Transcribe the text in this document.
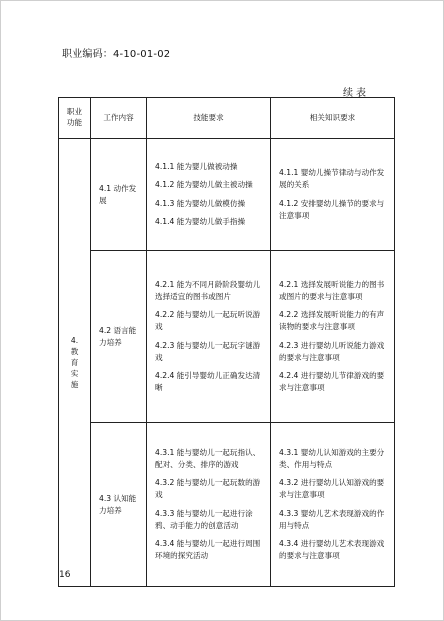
职业编码：4-10-01-02
续表
职业功能	工作内容	技能要求	相关知识要求
4.教育实施	4.1 动作发展	4.1.1 能为婴儿做被动操
4.1.2 能为婴幼儿做主被动操
4.1.3 能为婴幼儿做模仿操
4.1.4 能为婴幼儿做手指操	4.1.1 婴幼儿操节律动与动作发展的关系
4.1.2 安排婴幼儿操节的要求与注意事项

	4.2 语言能力培养	4.2.1 能为不同月龄阶段婴幼儿选择适宜的图书或图片
4.2.2 能与婴幼儿一起玩听说游戏
4.2.3 能与婴幼儿一起玩字谜游戏
4.2.4 能引导婴幼儿正确发达清晰	4.2.1 选择发展听说能力的图书或图片的要求与注意事项
4.2.2 选择发展听说能力的有声读物的要求与注意事项
4.2.3 进行婴幼儿听说能力游戏的要求与注意事项
4.2.4 进行婴幼儿节律游戏的要求与注意事项

	4.3 认知能力培养	4.3.1 能与婴幼儿一起玩指认、配对、分类、排序的游戏
4.3.2 能与婴幼儿一起玩数的游戏
4.3.3 能与婴幼儿一起进行涂鸦、动手能力的创意活动
4.3.4 能与婴幼儿一起进行周围环境的探究活动	4.3.1 婴幼儿认知游戏的主要分类、作用与特点
4.3.2 进行婴幼儿认知游戏的要求与注意事项
4.3.3 婴幼儿艺术表现游戏的作用与特点
4.3.4 进行婴幼儿艺术表现游戏的要求与注意事项
16
